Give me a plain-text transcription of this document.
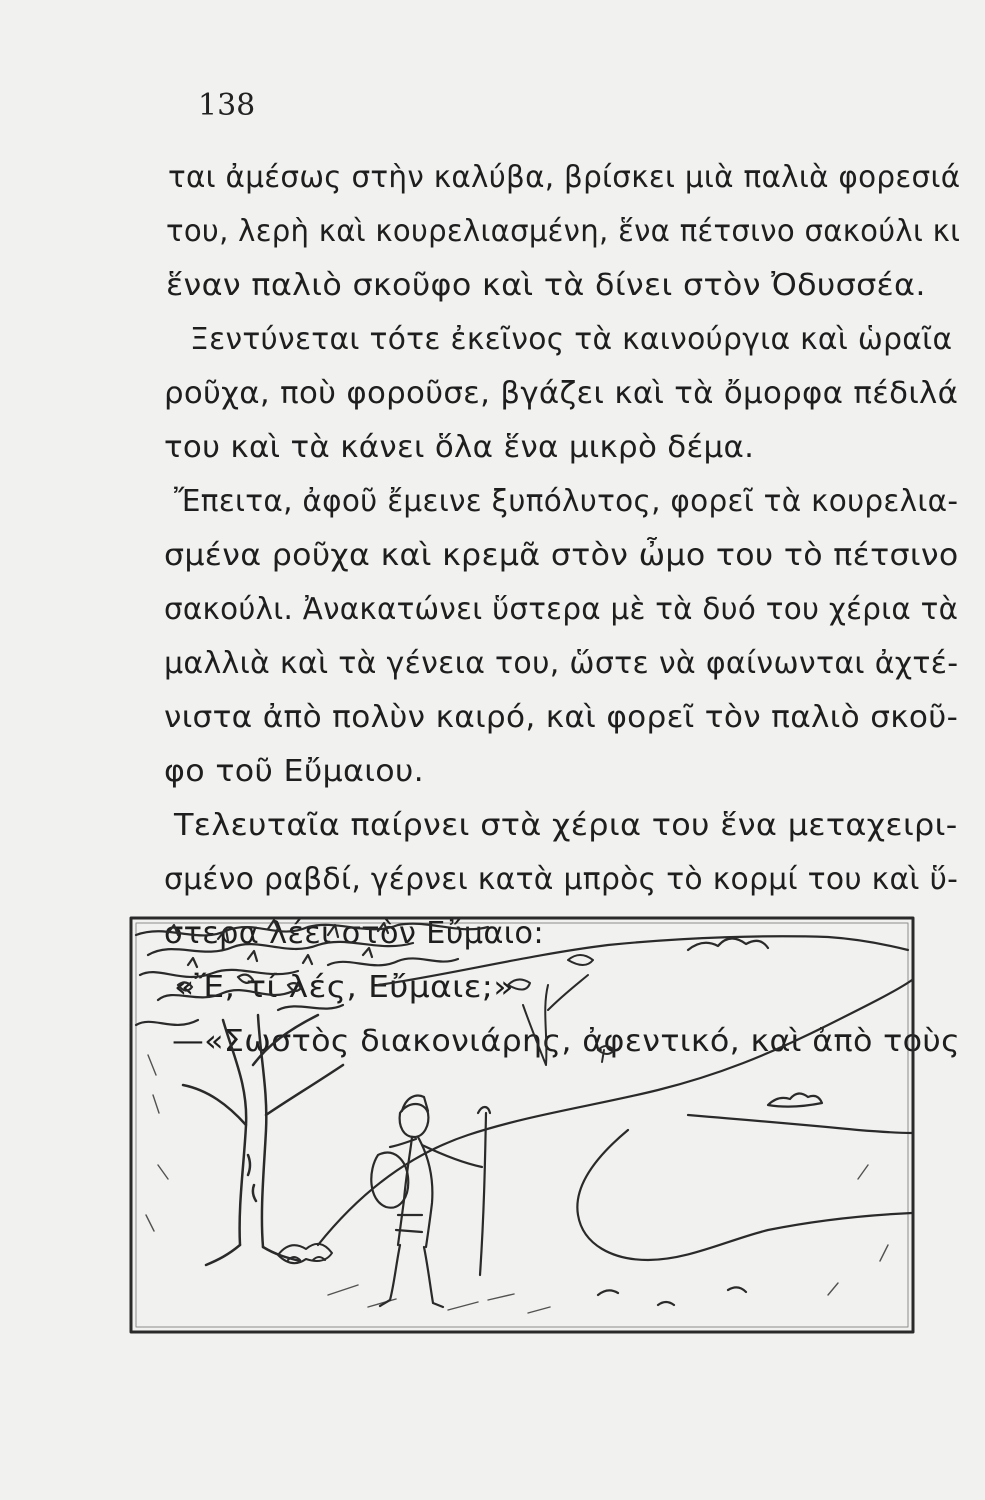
138
ται ἀμέσως στὴν καλύβα, βρίσκει μιὰ παλιὰ φορεσιά
του, λερὴ καὶ κουρελιασμένη, ἕνα πέτσινο σακούλι κι
ἕναν παλιὸ σκοῦφο καὶ τὰ δίνει στὸν Ὀδυσσέα.
Ξεντύνεται τότε ἐκεῖνος τὰ καινούργια καὶ ὡραῖα
ροῦχα, ποὺ φοροῦσε, βγάζει καὶ τὰ ὄμορφα πέδιλά
του καὶ τὰ κάνει ὅλα ἕνα μικρὸ δέμα.
Ἔπειτα, ἀφοῦ ἔμεινε ξυπόλυτος, φορεῖ τὰ κουρελια-
σμένα ροῦχα καὶ κρεμᾶ στὸν ὦμο του τὸ πέτσινο
σακούλι. Ἀνακατώνει ὕστερα μὲ τὰ δυό του χέρια τὰ
μαλλιὰ καὶ τὰ γένεια του, ὥστε νὰ φαίνωνται ἀχτέ-
νιστα ἀπὸ πολὺν καιρό, καὶ φορεῖ τὸν παλιὸ σκοῦ-
φο τοῦ Εὔμαιου.
Τελευταῖα παίρνει στὰ χέρια του ἕνα μεταχειρι-
σμένο ραβδί, γέρνει κατὰ μπρὸς τὸ κορμί του καὶ ὕ-
στερα λέει στὸν Εὔμαιο:
«Ἔ, τί λές, Εὔμαιε;»
—«Σωστὸς διακονιάρης, ἀφεντικό, καὶ ἀπὸ τοὺς
